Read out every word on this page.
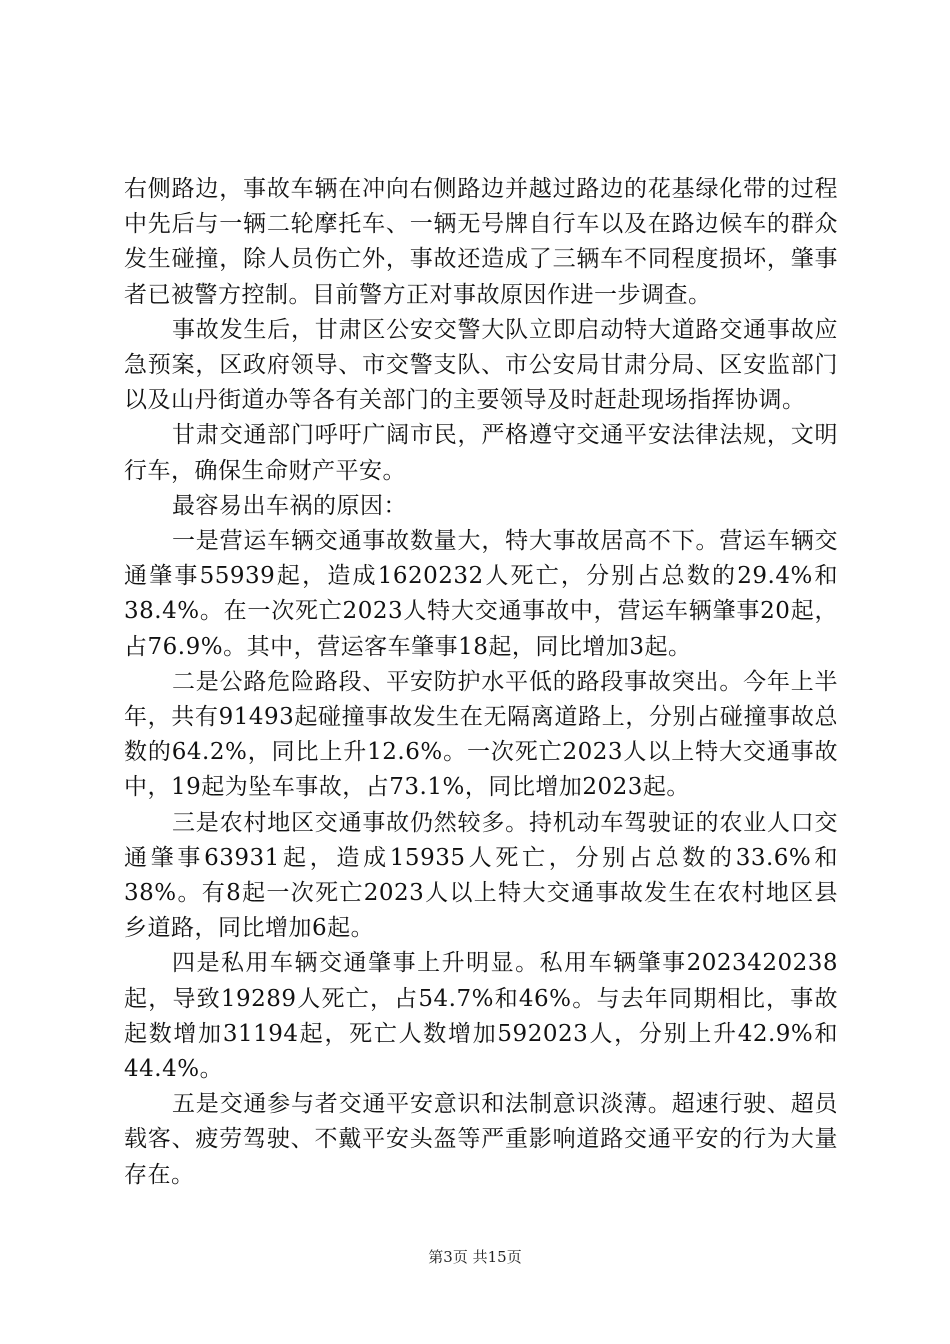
右侧路边，事故车辆在冲向右侧路边并越过路边的花基绿化带的过程中先后与一辆二轮摩托车、一辆无号牌自行车以及在路边候车的群众发生碰撞，除人员伤亡外，事故还造成了三辆车不同程度损坏，肇事者已被警方控制。目前警方正对事故原因作进一步调查。

事故发生后，甘肃区公安交警大队立即启动特大道路交通事故应急预案，区政府领导、市交警支队、市公安局甘肃分局、区安监部门以及山丹街道办等各有关部门的主要领导及时赶赴现场指挥协调。

甘肃交通部门呼吁广阔市民，严格遵守交通平安法律法规，文明行车，确保生命财产平安。

最容易出车祸的原因：

一是营运车辆交通事故数量大，特大事故居高不下。营运车辆交通肇事55939起，造成1620232人死亡，分别占总数的29.4%和38.4%。在一次死亡2023人特大交通事故中，营运车辆肇事20起，占76.9%。其中，营运客车肇事18起，同比增加3起。

二是公路危险路段、平安防护水平低的路段事故突出。今年上半年，共有91493起碰撞事故发生在无隔离道路上，分别占碰撞事故总数的64.2%，同比上升12.6%。一次死亡2023人以上特大交通事故中，19起为坠车事故，占73.1%，同比增加2023起。

三是农村地区交通事故仍然较多。持机动车驾驶证的农业人口交通肇事63931起，造成15935人死亡，分别占总数的33.6%和38%。有8起一次死亡2023人以上特大交通事故发生在农村地区县乡道路，同比增加6起。

四是私用车辆交通肇事上升明显。私用车辆肇事2023420238起，导致19289人死亡，占54.7%和46%。与去年同期相比，事故起数增加31194起，死亡人数增加592023人，分别上升42.9%和44.4%。

五是交通参与者交通平安意识和法制意识淡薄。超速行驶、超员载客、疲劳驾驶、不戴平安头盔等严重影响道路交通平安的行为大量存在。

第3页 共15页
